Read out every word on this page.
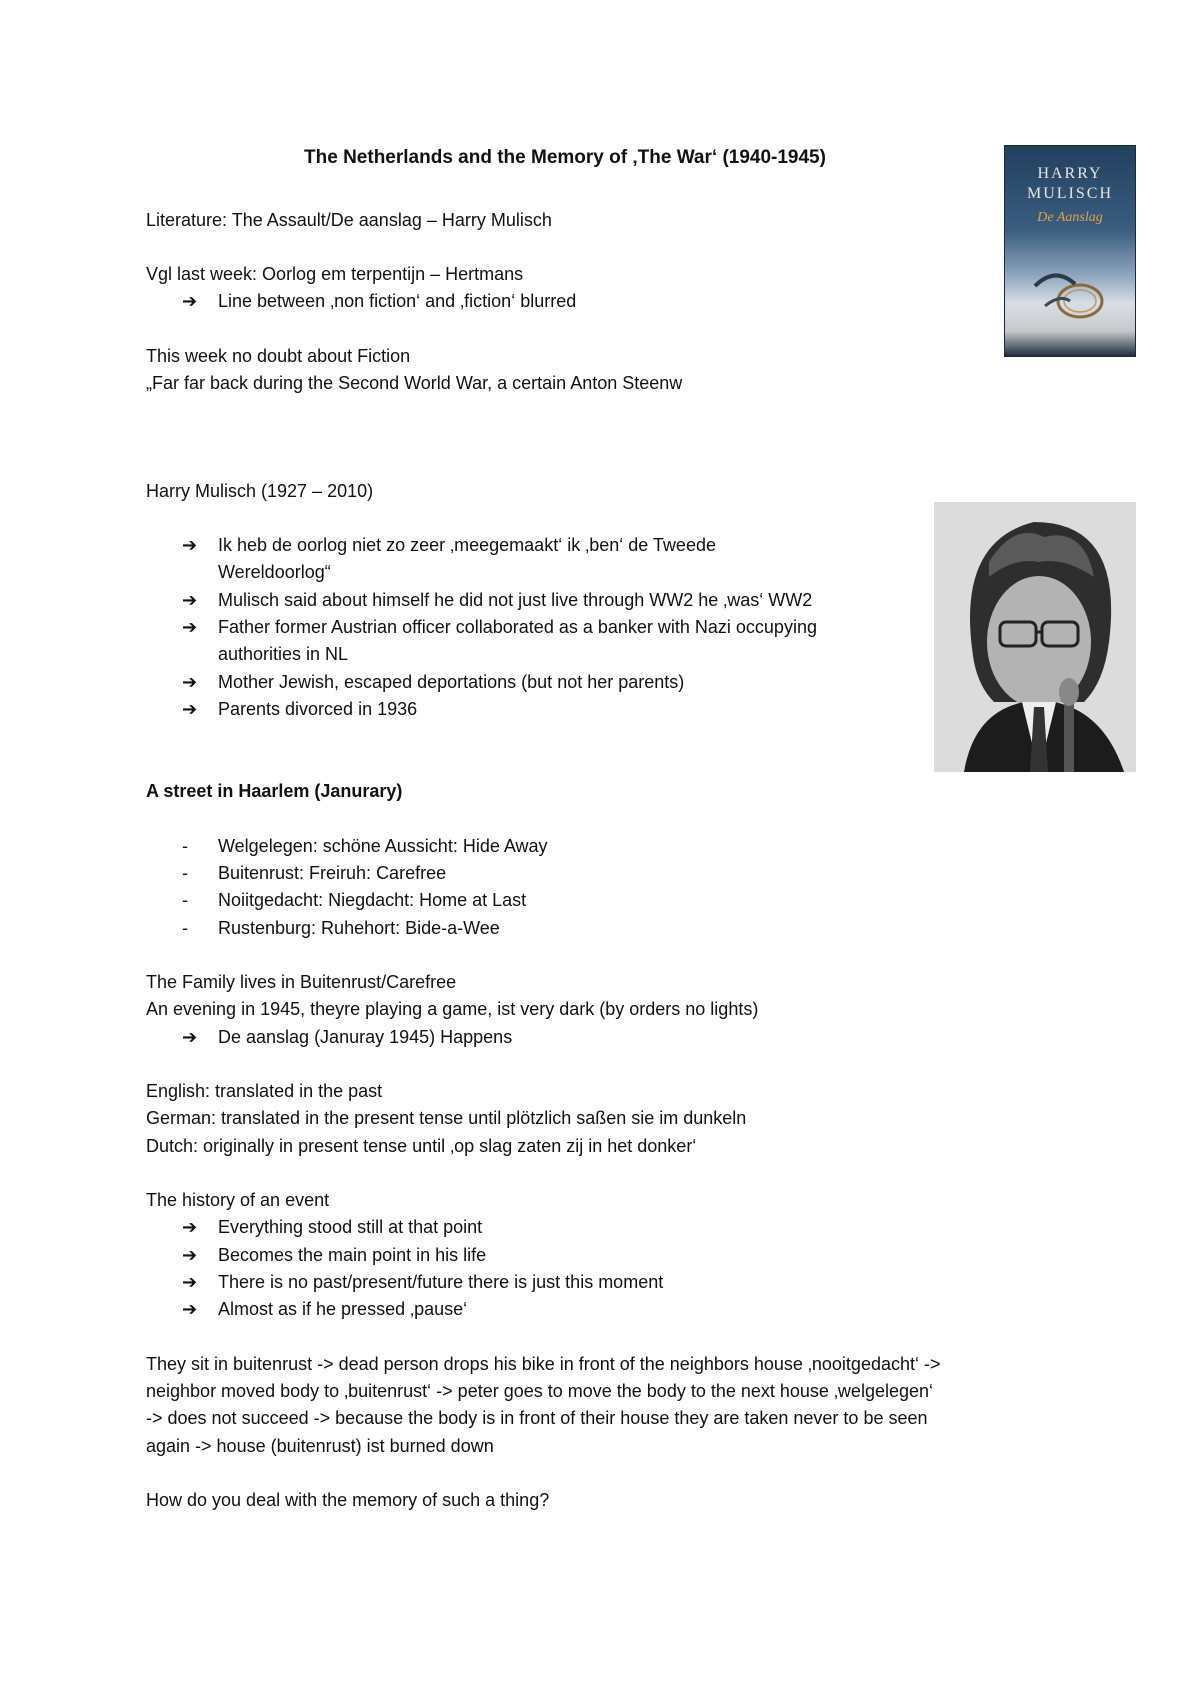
The Netherlands and the Memory of ‚The War‘ (1940-1945)
HARRY
MULISCH
De Aanslag
Literature: The Assault/De aanslag – Harry Mulisch
Vgl last week: Oorlog em terpentijn – Hertmans
➔ Line between ‚non fiction‘ and ‚fiction‘ blurred
This week no doubt about Fiction
„Far far back during the Second World War, a certain Anton Steenw
Harry Mulisch (1927 – 2010)
➔ Ik heb de oorlog niet zo zeer ‚meegemaakt‘ ik ‚ben‘ de Tweede
Wereldoorlog“
➔ Mulisch said about himself he did not just live through WW2 he ‚was‘ WW2
➔ Father former Austrian officer collaborated as a banker with Nazi occupying
authorities in NL
➔ Mother Jewish, escaped deportations (but not her parents)
➔ Parents divorced in 1936
A street in Haarlem (Janurary)
- Welgelegen: schöne Aussicht: Hide Away
- Buitenrust: Freiruh: Carefree
- Noiitgedacht: Niegdacht: Home at Last
- Rustenburg: Ruhehort: Bide-a-Wee
The Family lives in Buitenrust/Carefree
An evening in 1945, theyre playing a game, ist very dark (by orders no lights)
➔ De aanslag (Januray 1945) Happens
English: translated in the past
German: translated in the present tense until plötzlich saßen sie im dunkeln
Dutch: originally in present tense until ‚op slag zaten zij in het donker‘
The history of an event
➔ Everything stood still at that point
➔ Becomes the main point in his life
➔ There is no past/present/future there is just this moment
➔ Almost as if he pressed ‚pause‘
They sit in buitenrust -> dead person drops his bike in front of the neighbors house ‚nooitgedacht‘ ->
neighbor moved body to ‚buitenrust‘ -> peter goes to move the body to the next house ‚welgelegen‘
-> does not succeed -> because the body is in front of their house they are taken never to be seen
again -> house (buitenrust) ist burned down
How do you deal with the memory of such a thing?
